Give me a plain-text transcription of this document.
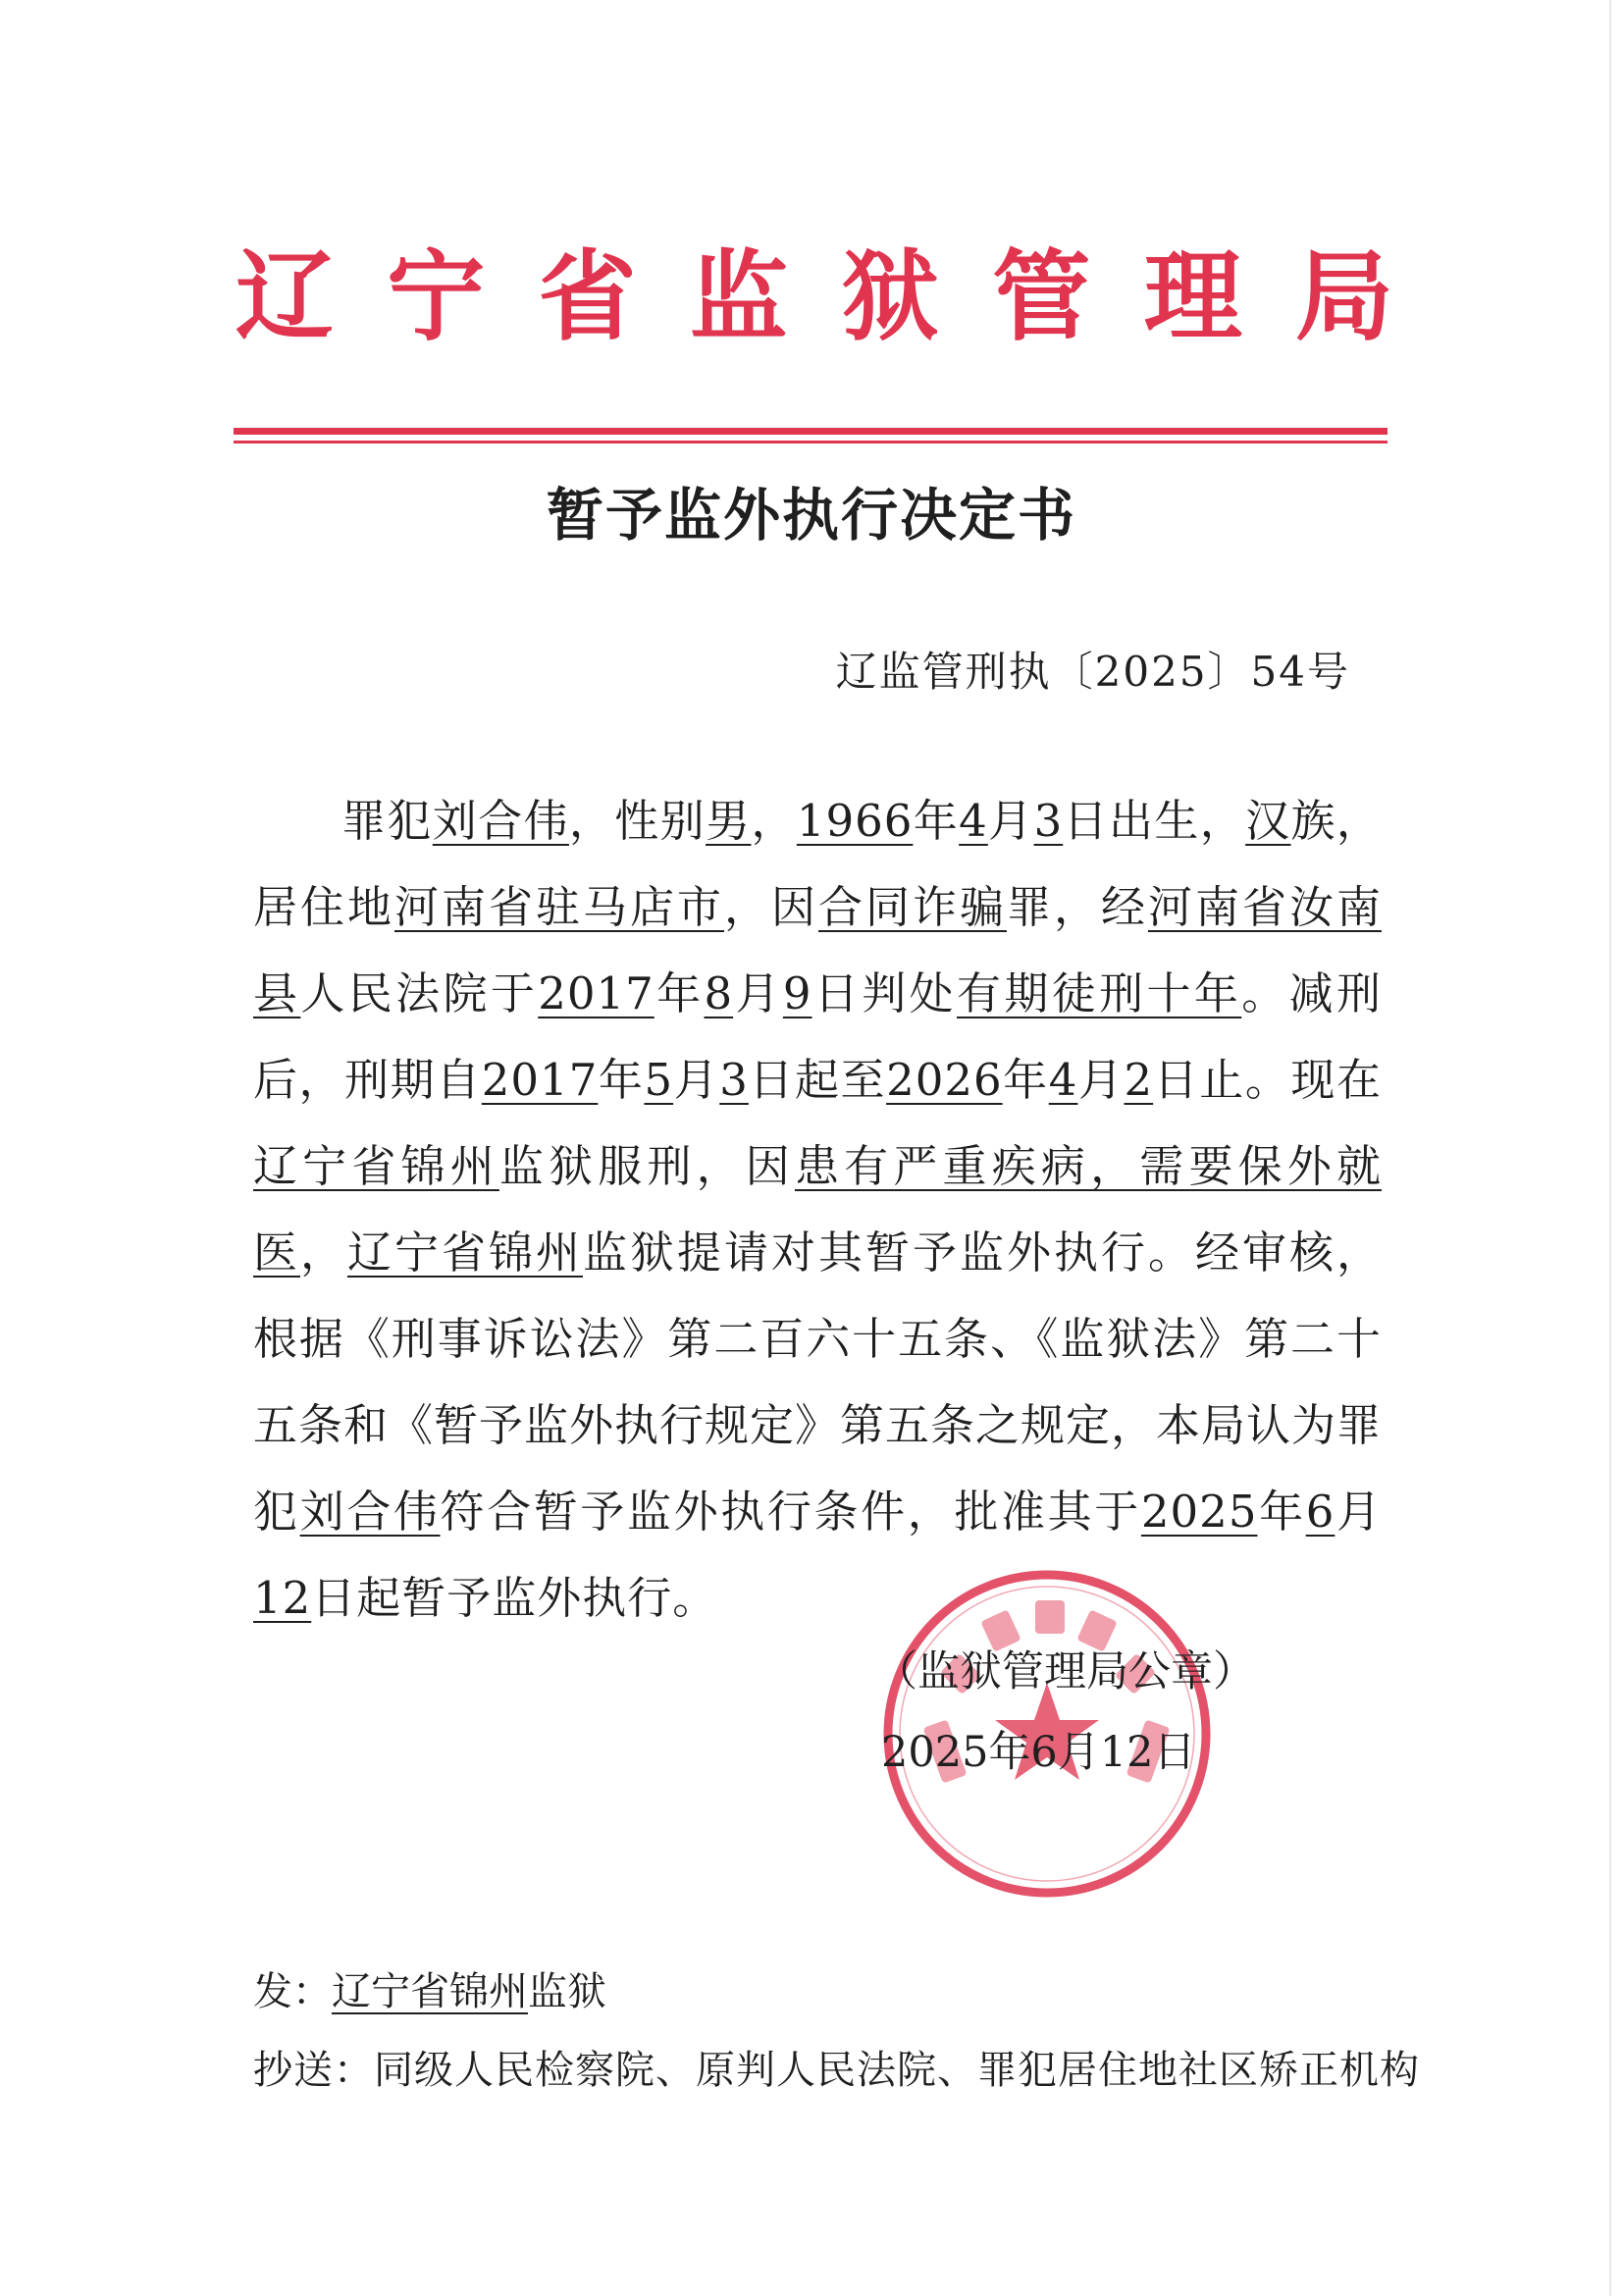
辽 宁 省 监 狱 管 理 局
暂予监外执行决定书
辽监管刑执〔2025〕54号
罪犯刘合伟，性别男，1966年4月3日出生，汉族，居住地河南省驻马店市，因合同诈骗罪，经河南省汝南县人民法院于2017年8月9日判处有期徒刑十年。减刑后，刑期自2017年5月3日起至2026年4月2日止。现在辽宁省锦州监狱服刑，因患有严重疾病，需要保外就医，辽宁省锦州监狱提请对其暂予监外执行。经审核，根据《刑事诉讼法》第二百六十五条、《监狱法》第二十五条和《暂予监外执行规定》第五条之规定，本局认为罪犯刘合伟符合暂予监外执行条件，批准其于2025年6月12日起暂予监外执行。
（监狱管理局公章）
2025年6月12日
发：辽宁省锦州监狱
抄送：同级人民检察院、原判人民法院、罪犯居住地社区矫正机构
